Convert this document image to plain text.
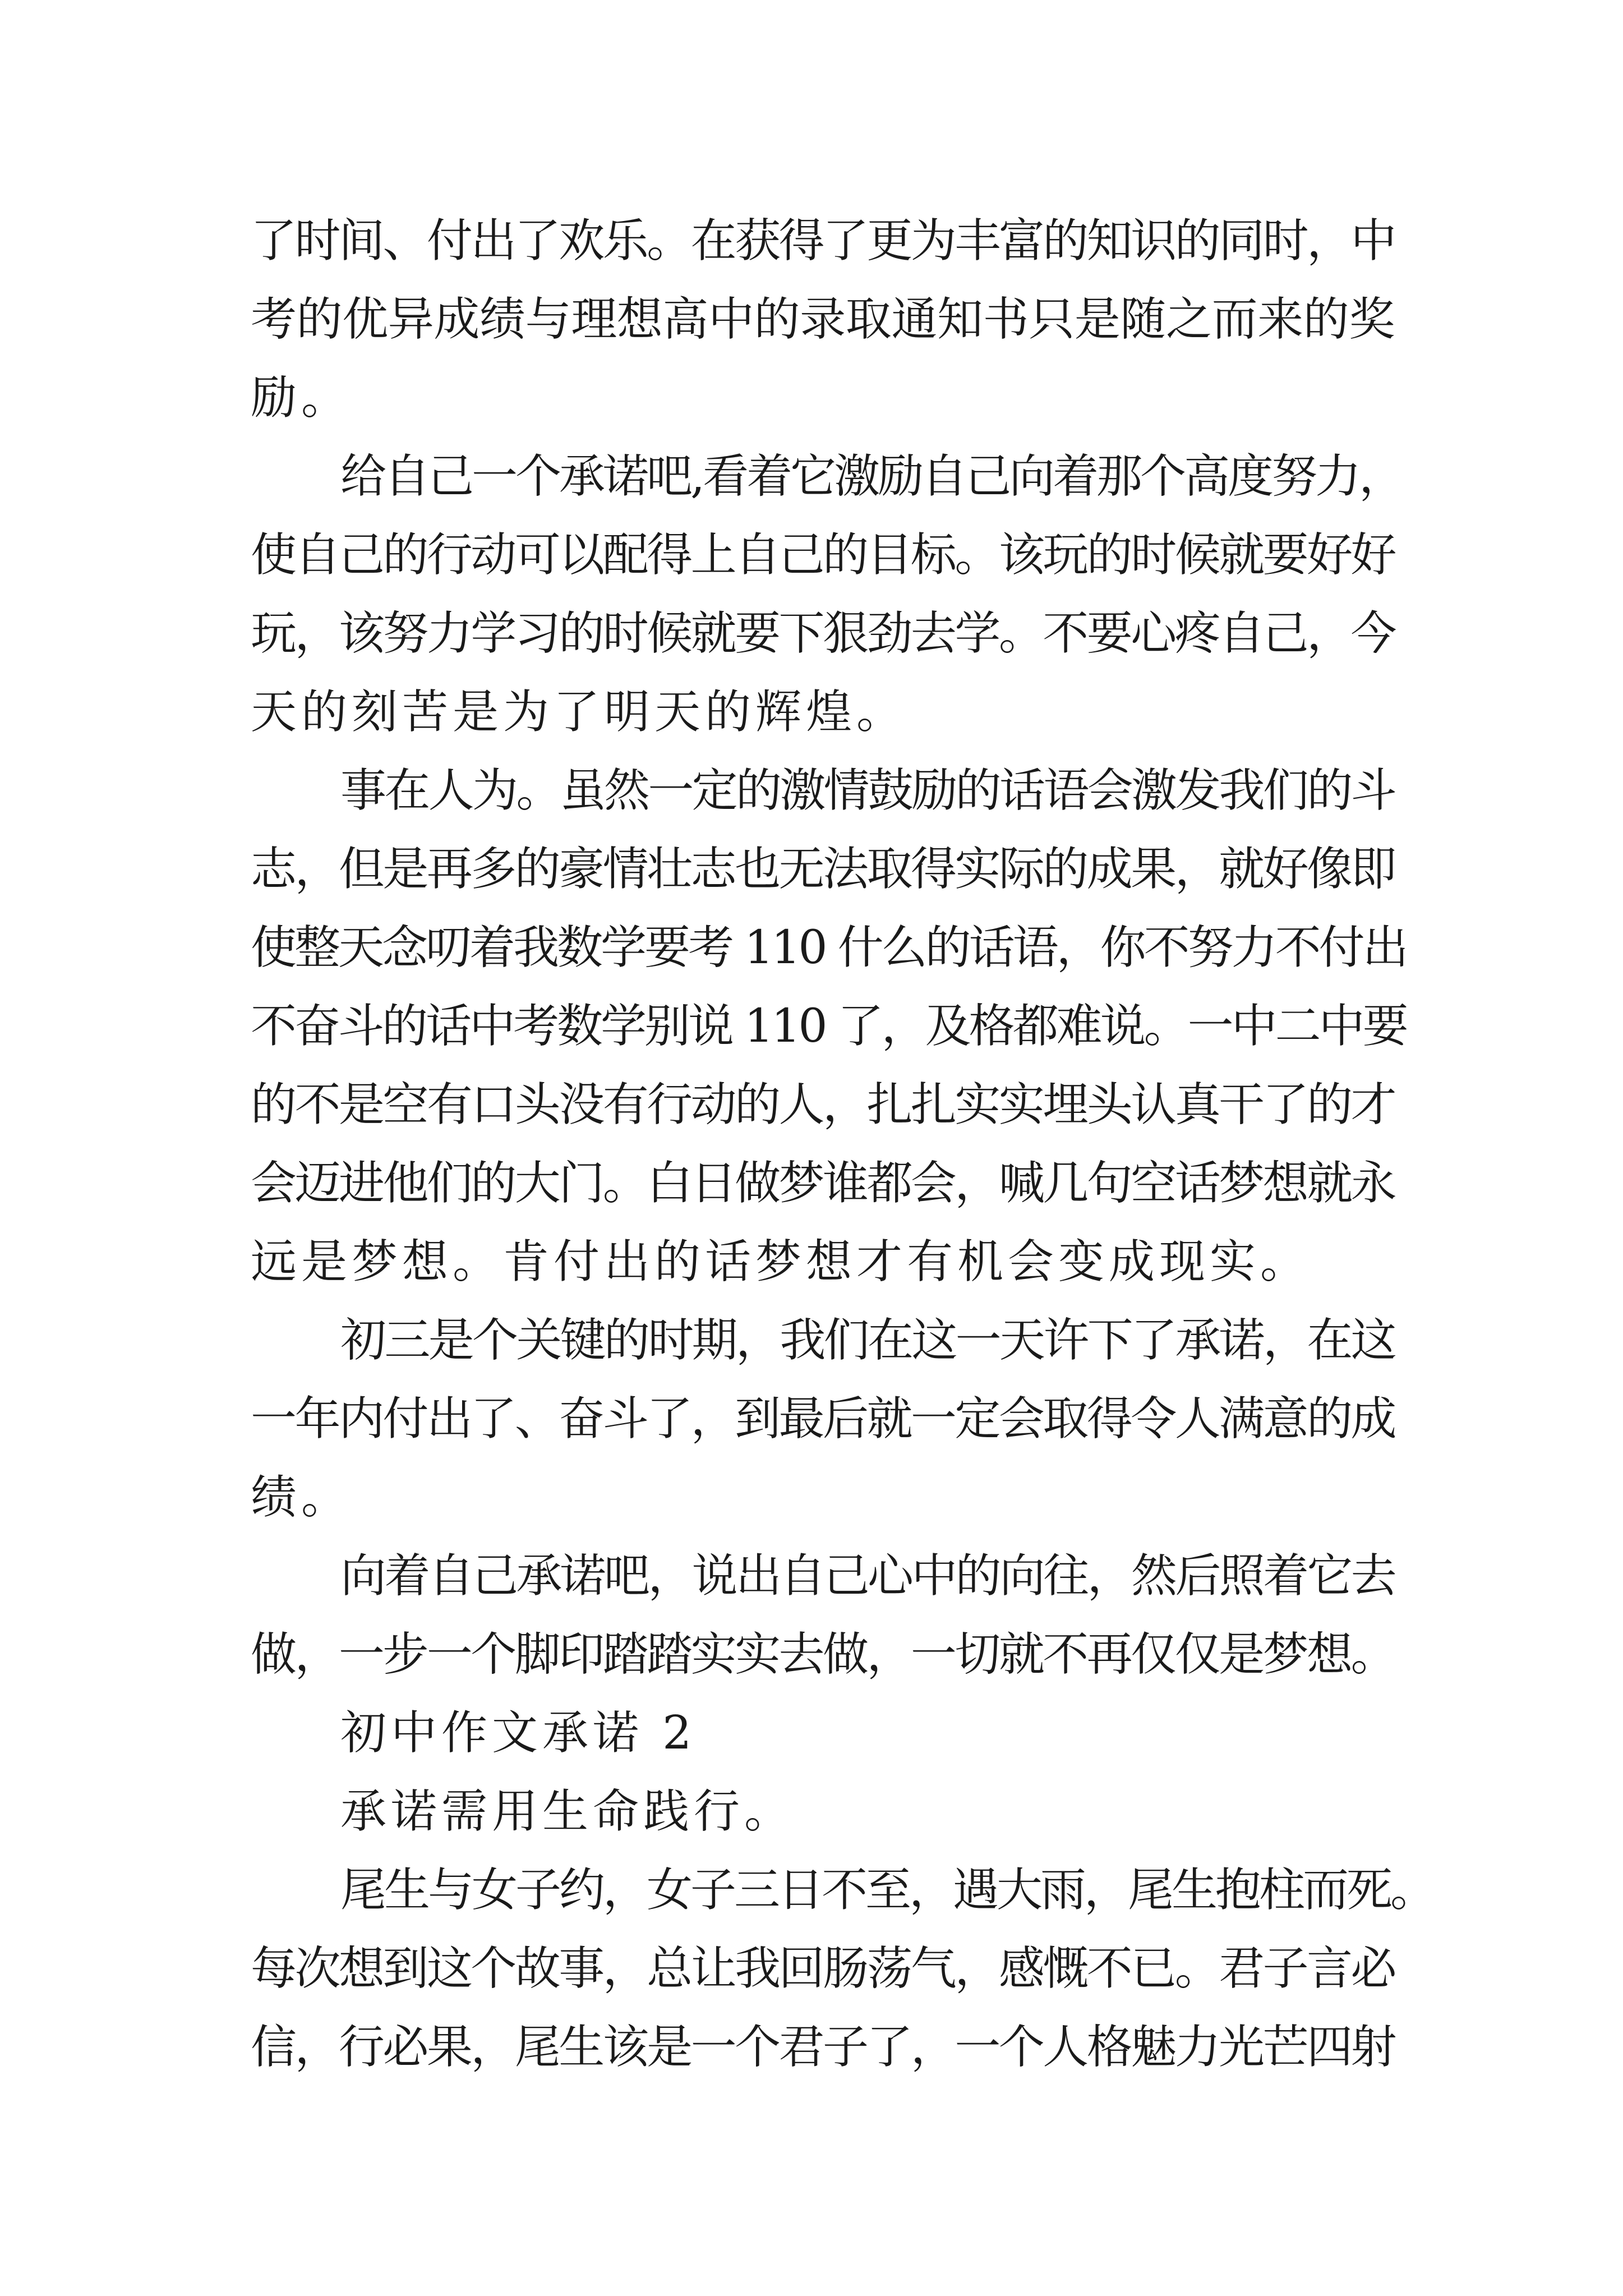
了时间、付出了欢乐。在获得了更为丰富的知识的同时，中
考的优异成绩与理想高中的录取通知书只是随之而来的奖
励。
给自己一个承诺吧,看着它激励自己向着那个高度努力，
使自己的行动可以配得上自己的目标。该玩的时候就要好好
玩，该努力学习的时候就要下狠劲去学。不要心疼自己，今
天的刻苦是为了明天的辉煌。
事在人为。虽然一定的激情鼓励的话语会激发我们的斗
志，但是再多的豪情壮志也无法取得实际的成果，就好像即
使整天念叨着我数学要考 110 什么的话语，你不努力不付出
不奋斗的话中考数学别说 110 了，及格都难说。一中二中要
的不是空有口头没有行动的人，扎扎实实埋头认真干了的才
会迈进他们的大门。白日做梦谁都会，喊几句空话梦想就永
远是梦想。肯付出的话梦想才有机会变成现实。
初三是个关键的时期，我们在这一天许下了承诺，在这
一年内付出了、奋斗了，到最后就一定会取得令人满意的成
绩。
向着自己承诺吧，说出自己心中的向往，然后照着它去
做，一步一个脚印踏踏实实去做，一切就不再仅仅是梦想。
初中作文承诺 2
承诺需用生命践行。
尾生与女子约，女子三日不至，遇大雨，尾生抱柱而死。
每次想到这个故事，总让我回肠荡气，感慨不已。君子言必
信，行必果，尾生该是一个君子了，一个人格魅力光芒四射
